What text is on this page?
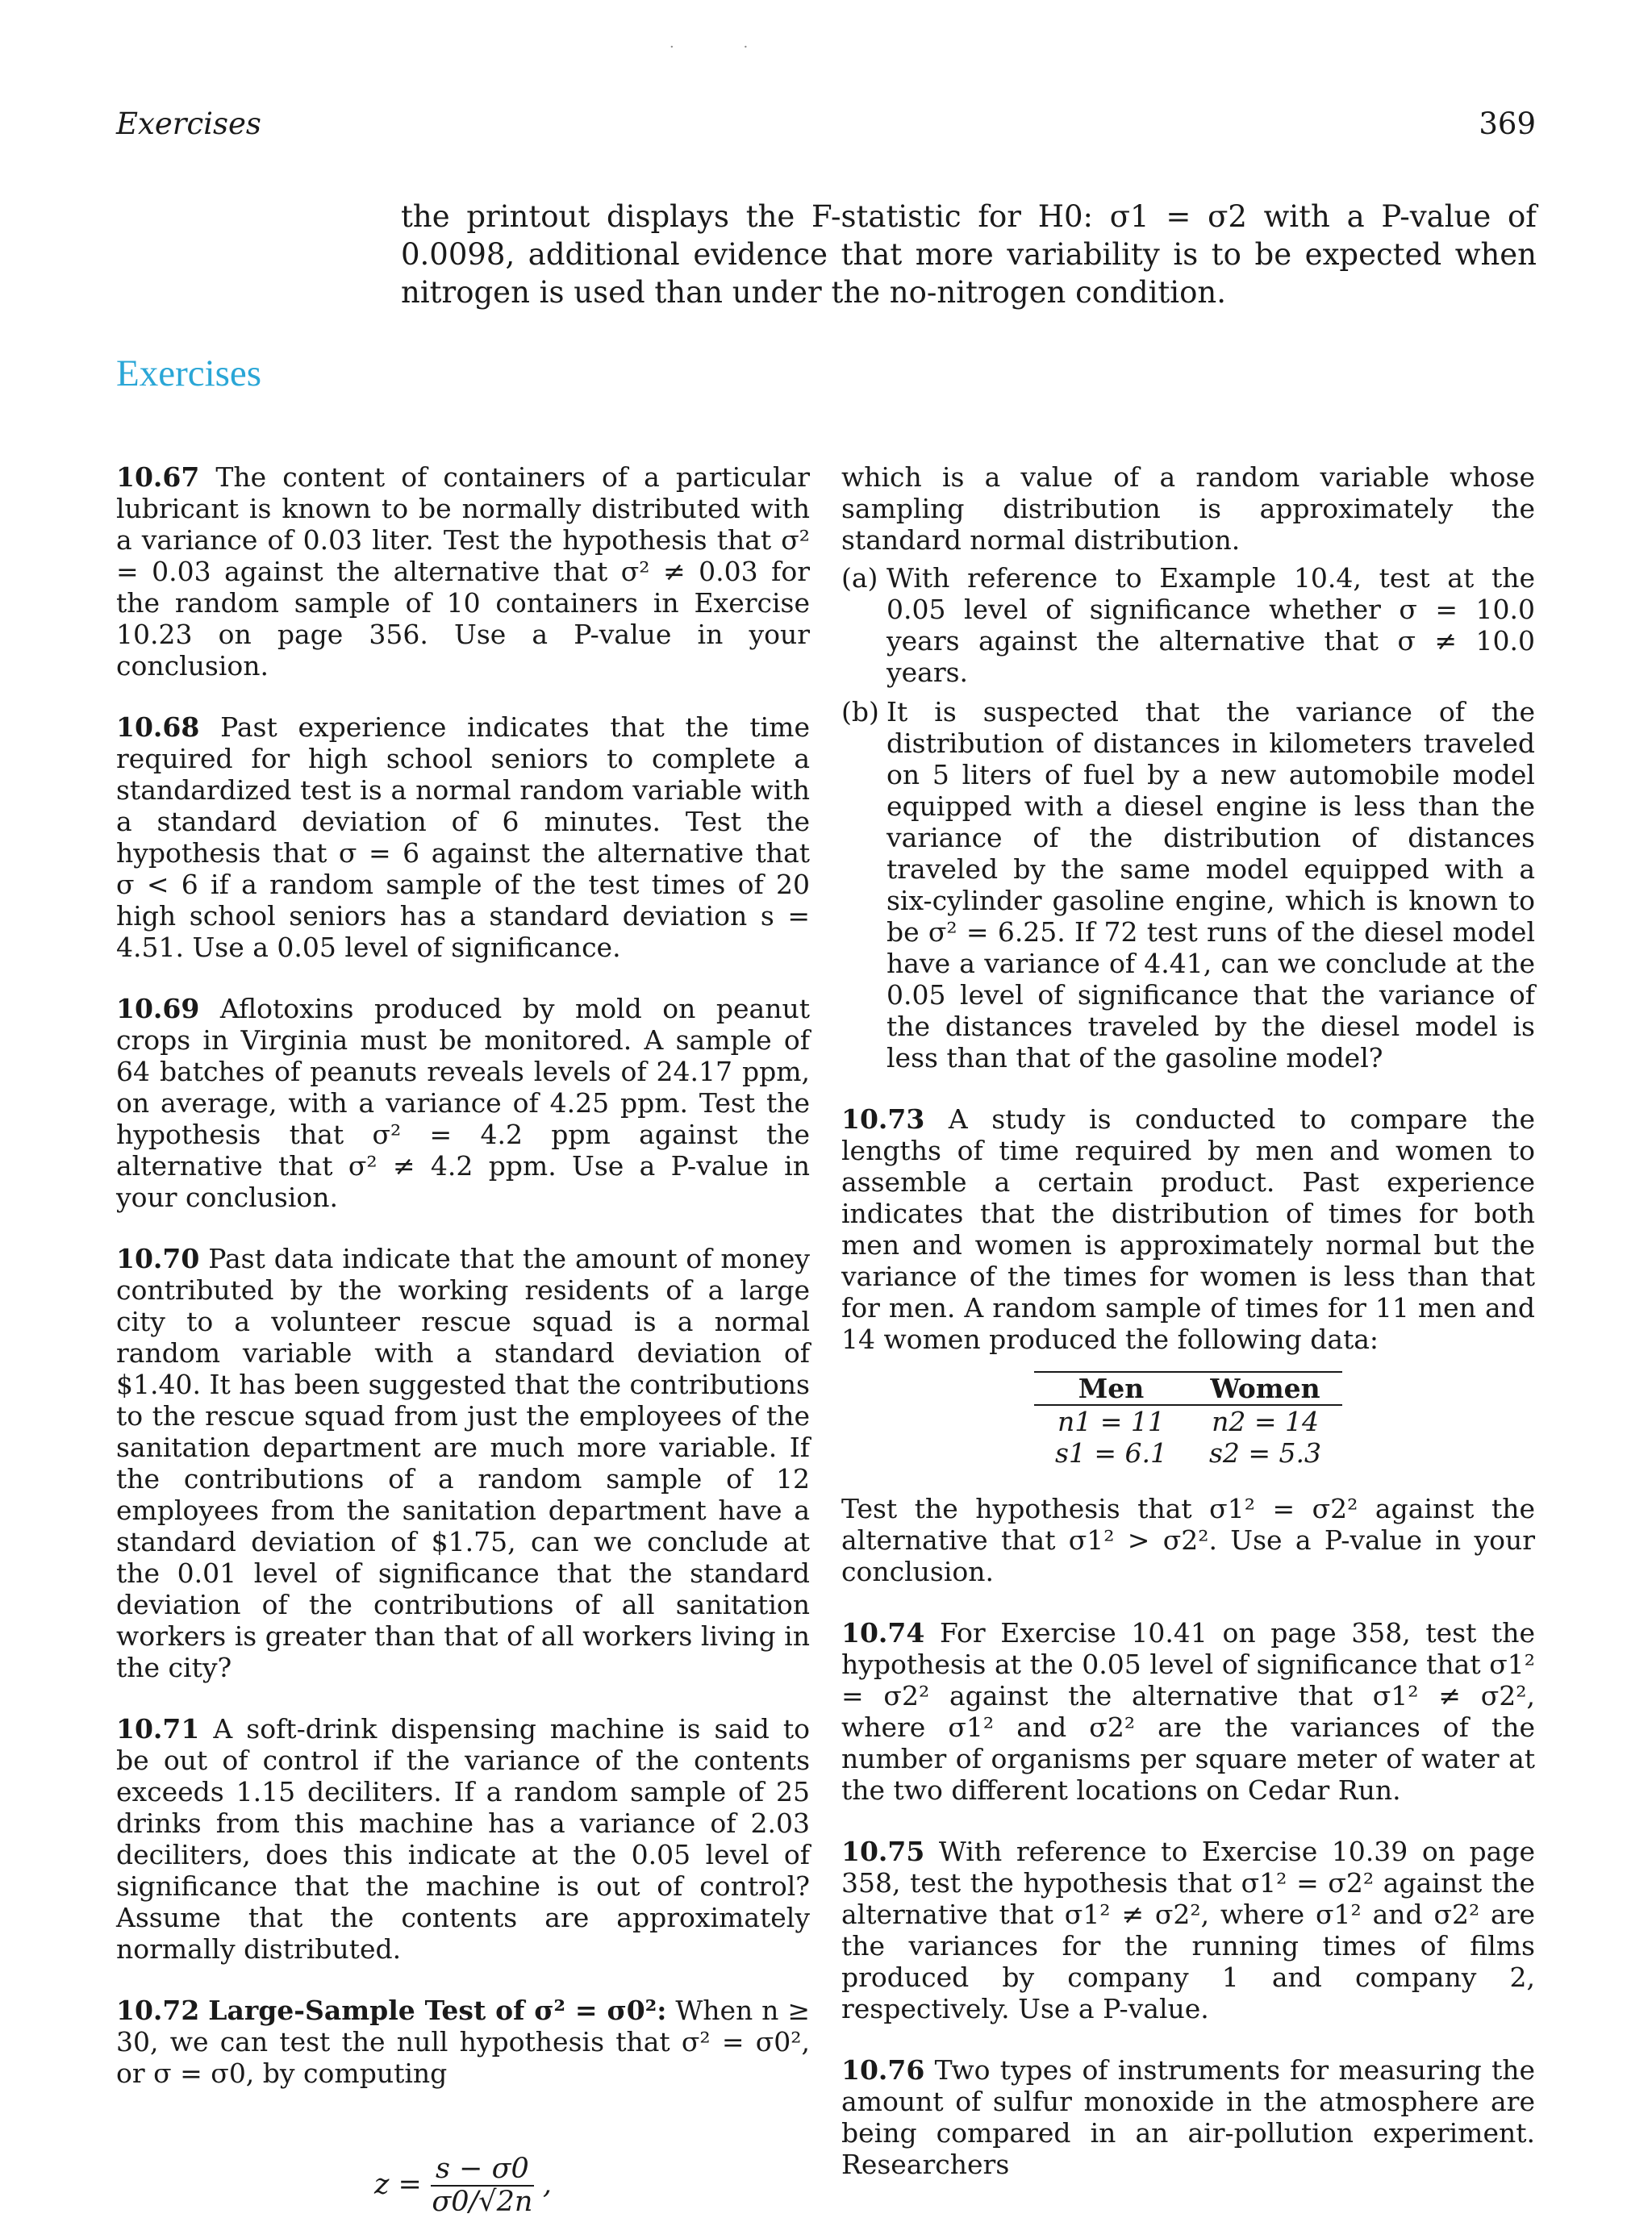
· ·
Exercises	369
the printout displays the F-statistic for H0: σ1 = σ2 with a P-value of 0.0098, additional evidence that more variability is to be expected when nitrogen is used than under the no-nitrogen condition.
Exercises

10.67 The content of containers of a particular lubricant is known to be normally distributed with a variance of 0.03 liter. Test the hypothesis that σ² = 0.03 against the alternative that σ² ≠ 0.03 for the random sample of 10 containers in Exercise 10.23 on page 356. Use a P-value in your conclusion.

10.68 Past experience indicates that the time required for high school seniors to complete a standardized test is a normal random variable with a standard deviation of 6 minutes. Test the hypothesis that σ = 6 against the alternative that σ < 6 if a random sample of the test times of 20 high school seniors has a standard deviation s = 4.51. Use a 0.05 level of significance.

10.69 Aflotoxins produced by mold on peanut crops in Virginia must be monitored. A sample of 64 batches of peanuts reveals levels of 24.17 ppm, on average, with a variance of 4.25 ppm. Test the hypothesis that σ² = 4.2 ppm against the alternative that σ² ≠ 4.2 ppm. Use a P-value in your conclusion.

10.70 Past data indicate that the amount of money contributed by the working residents of a large city to a volunteer rescue squad is a normal random variable with a standard deviation of $1.40. It has been suggested that the contributions to the rescue squad from just the employees of the sanitation department are much more variable. If the contributions of a random sample of 12 employees from the sanitation department have a standard deviation of $1.75, can we conclude at the 0.01 level of significance that the standard deviation of the contributions of all sanitation workers is greater than that of all workers living in the city?

10.71 A soft-drink dispensing machine is said to be out of control if the variance of the contents exceeds 1.15 deciliters. If a random sample of 25 drinks from this machine has a variance of 2.03 deciliters, does this indicate at the 0.05 level of significance that the machine is out of control? Assume that the contents are approximately normally distributed.

10.72 Large-Sample Test of σ² = σ0²: When n ≥ 30, we can test the null hypothesis that σ² = σ0², or σ = σ0, by computing

$z = \frac{s - \sigma 0}{\sigma 0/√2n}$ ,

which is a value of a random variable whose sampling distribution is approximately the standard normal distribution.

(a) With reference to Example 10.4, test at the 0.05 level of significance whether σ = 10.0 years against the alternative that σ ≠ 10.0 years.
(b) It is suspected that the variance of the distribution of distances in kilometers traveled on 5 liters of fuel by a new automobile model equipped with a diesel engine is less than the variance of the distribution of distances traveled by the same model equipped with a six-cylinder gasoline engine, which is known to be σ² = 6.25. If 72 test runs of the diesel model have a variance of 4.41, can we conclude at the 0.05 level of significance that the variance of the distances traveled by the diesel model is less than that of the gasoline model?

10.73 A study is conducted to compare the lengths of time required by men and women to assemble a certain product. Past experience indicates that the distribution of times for both men and women is approximately normal but the variance of the times for women is less than that for men. A random sample of times for 11 men and 14 women produced the following data:

Men	Women
n1 = 11	n2 = 14
s1 = 6.1	s2 = 5.3

Test the hypothesis that σ1² = σ2² against the alternative that σ1² > σ2². Use a P-value in your conclusion.

10.74 For Exercise 10.41 on page 358, test the hypothesis at the 0.05 level of significance that σ1² = σ2² against the alternative that σ1² ≠ σ2², where σ1² and σ2² are the variances of the number of organisms per square meter of water at the two different locations on Cedar Run.

10.75 With reference to Exercise 10.39 on page 358, test the hypothesis that σ1² = σ2² against the alternative that σ1² ≠ σ2², where σ1² and σ2² are the variances for the running times of films produced by company 1 and company 2, respectively. Use a P-value.

10.76 Two types of instruments for measuring the amount of sulfur monoxide in the atmosphere are being compared in an air-pollution experiment. Researchers
